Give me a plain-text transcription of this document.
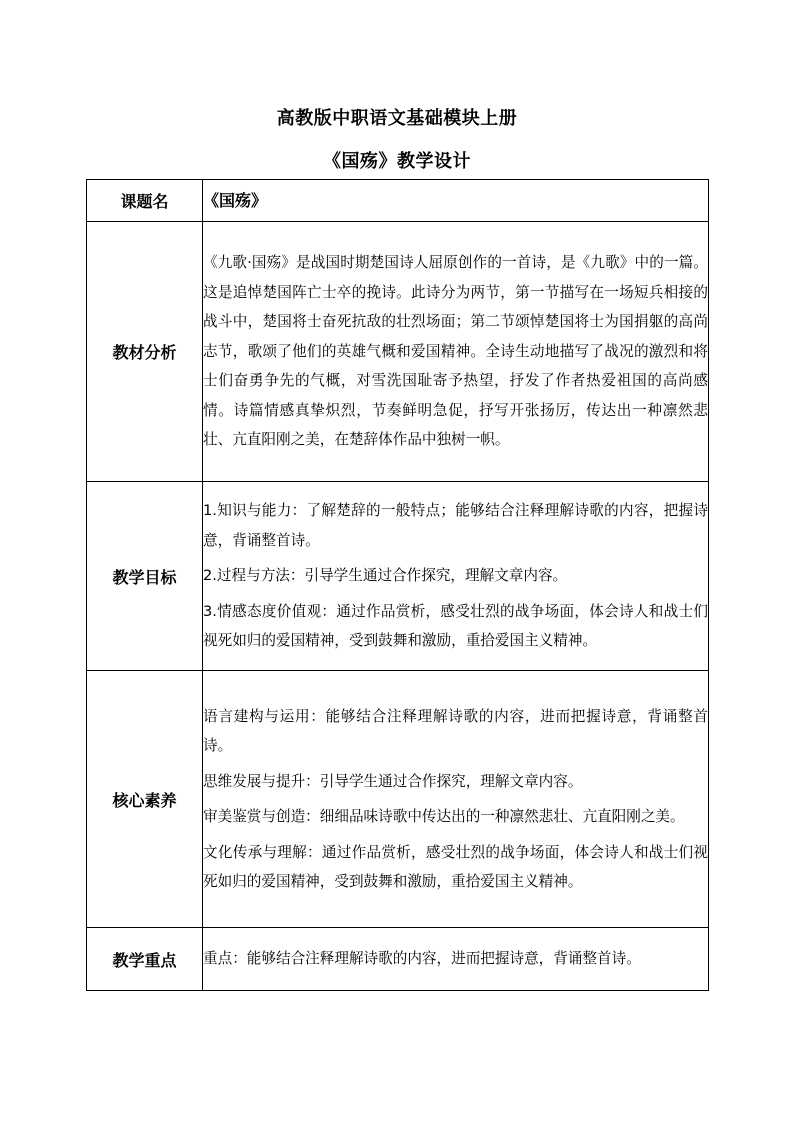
高教版中职语文基础模块上册
《国殇》教学设计
课题名	《国殇》
教材分析	《九歌·国殇》是战国时期楚国诗人屈原创作的一首诗，是《九歌》中的一篇。这是追悼楚国阵亡士卒的挽诗。此诗分为两节，第一节描写在一场短兵相接的战斗中，楚国将士奋死抗敌的壮烈场面；第二节颂悼楚国将士为国捐躯的高尚志节，歌颂了他们的英雄气概和爱国精神。全诗生动地描写了战况的激烈和将士们奋勇争先的气概，对雪洗国耻寄予热望，抒发了作者热爱祖国的高尚感情。诗篇情感真挚炽烈，节奏鲜明急促，抒写开张扬厉，传达出一种凛然悲壮、亢直阳刚之美，在楚辞体作品中独树一帜。

教学目标	1.知识与能力：了解楚辞的一般特点；能够结合注释理解诗歌的内容，把握诗意，背诵整首诗。

2.过程与方法：引导学生通过合作探究，理解文章内容。

3.情感态度价值观：通过作品赏析，感受壮烈的战争场面，体会诗人和战士们视死如归的爱国精神，受到鼓舞和激励，重拾爱国主义精神。

核心素养	语言建构与运用：能够结合注释理解诗歌的内容，进而把握诗意，背诵整首诗。

思维发展与提升：引导学生通过合作探究，理解文章内容。

审美鉴赏与创造：细细品味诗歌中传达出的一种凛然悲壮、亢直阳刚之美。

文化传承与理解：通过作品赏析，感受壮烈的战争场面，体会诗人和战士们视死如归的爱国精神，受到鼓舞和激励，重拾爱国主义精神。

教学重点	重点：能够结合注释理解诗歌的内容，进而把握诗意，背诵整首诗。
